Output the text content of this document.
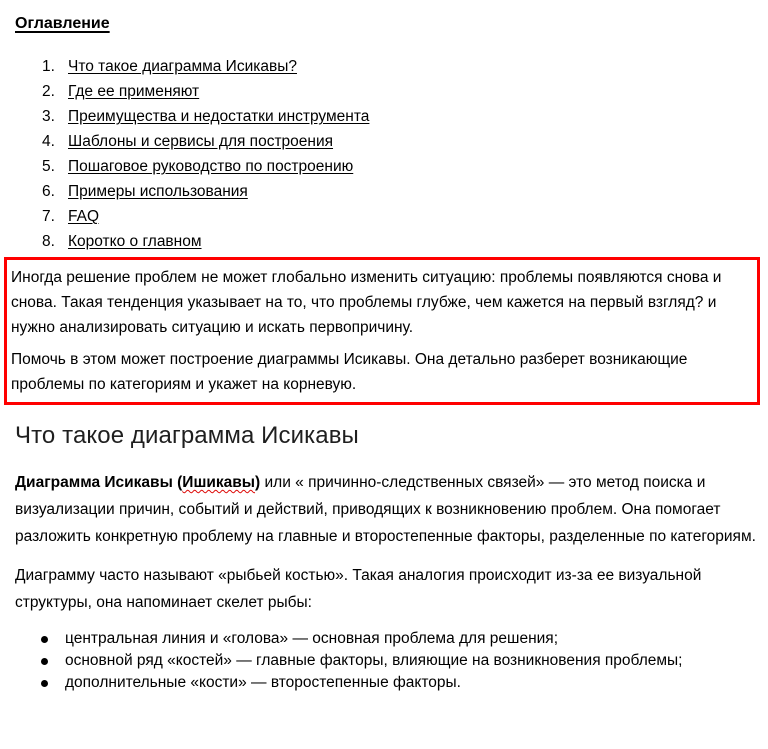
Оглавление
1. Что такое диаграмма Исикавы?
2. Где ее применяют
3. Преимущества и недостатки инструмента
4. Шаблоны и сервисы для построения
5. Пошаговое руководство по построению
6. Примеры использования
7. FAQ
8. Коротко о главном

Иногда решение проблем не может глобально изменить ситуацию: проблемы появляются снова и снова. Такая тенденция указывает на то, что проблемы глубже, чем кажется на первый взгляд? и нужно анализировать ситуацию и искать первопричину.

Помочь в этом может построение диаграммы Исикавы. Она детально разберет возникающие проблемы по категориям и укажет на корневую.

Что такое диаграмма Исикавы

Диаграмма Исикавы (Ишикавы) или « причинно-следственных связей» — это метод поиска и визуализации причин, событий и действий, приводящих к возникновению проблем. Она помогает разложить конкретную проблему на главные и второстепенные факторы, разделенные по категориям.

Диаграмму часто называют «рыбьей костью». Такая аналогия происходит из-за ее визуальной структуры, она напоминает скелет рыбы:

центральная линия и «голова» — основная проблема для решения;
основной ряд «костей» — главные факторы, влияющие на возникновения проблемы;
дополнительные «кости» — второстепенные факторы.
